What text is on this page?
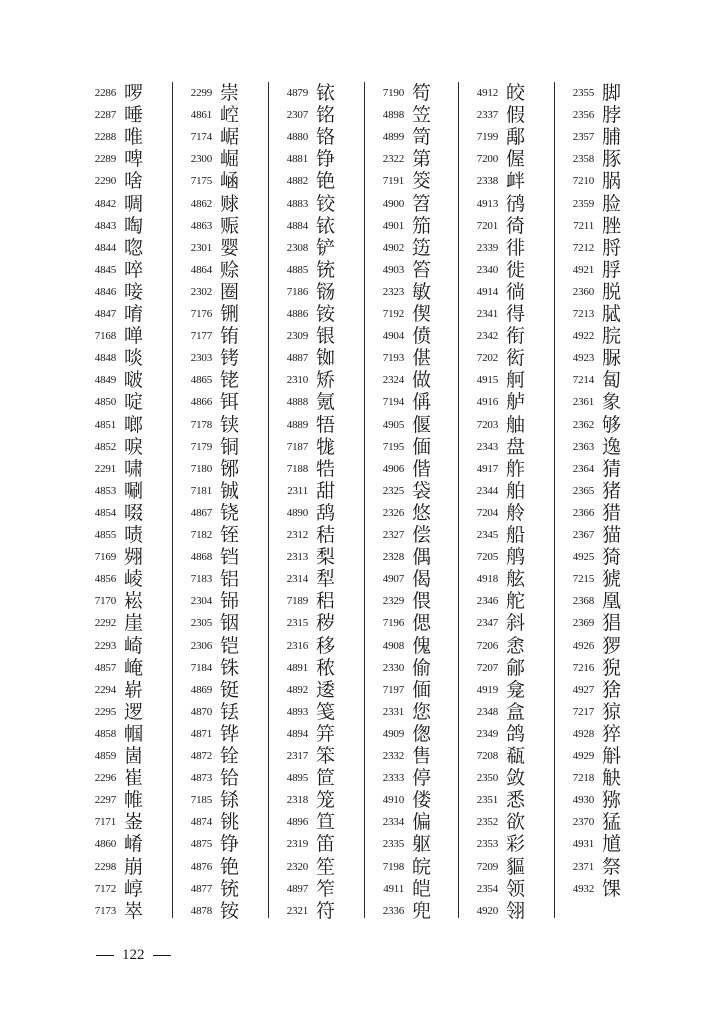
2286 啰
2287 唾
2288 唯
2289 啤
2290 啥
4842 啁
4843 啕
4844 唿
4845 啐
4846 唼
4847 唷
7168 啴
4848 啖
4849 啵
4850 啶
4851 啷
4852 唳
2291 啸
4853 唰
4854 啜
4855 啧
7169 翙
4856 崚
7170 崧
2292 崖
2293 崎
4857 崦
2294 崭
2295 逻
4858 帼
4859 崮
2296 崔
2297 帷
7171 崟
4860 崤
2298 崩
7172 崞
7173 崒
2299 崇
4861 崆
7174 崌
2300 崛
7175 崡
4862 赇
4863 赈
2301 婴
4864 赊
2302 圈
7176 铏
7177 铕
2303 铐
4865 铑
4866 铒
7178 铗
7179 铜
7180 铘
7181 铖
4867 铙
7182 铚
4868 铛
7183 铝
2304 铞
2305 铟
2306 铠
7184 铢
4869 铤
4870 铥
4871 铧
4872 铨
4873 铪
7185 铩
4874 铫
4875 铮
4876 铯
4877 铳
4878 铵
4879 铱
2307 铭
4880 铬
4881 铮
4882 铯
4883 铰
4884 铱
2308 铲
4885 铳
7186 铴
4886 铵
2309 银
4887 铷
2310 矫
4888 氪
4889 牾
7187 牻
7188 牿
2311 甜
4890 鸹
2312 秸
2313 梨
2314 犁
7189 稆
2315 秽
2316 移
4891 秾
4892 逶
4893 笺
4894 笄
2317 笨
4895 笸
2318 笼
4896 笪
2319 笛
2320 笙
4897 笮
2321 符
7190 笱
4898 笠
4899 笥
2322 第
7191 筊
4900 笤
4901 笳
4902 笾
4903 笞
2323 敏
7192 偰
4904 偾
7193 偡
2324 做
7194 偁
4905 偃
7195 偭
4906 偕
2325 袋
2326 悠
2327 偿
2328 偶
4907 偈
2329 偎
7196 偲
4908 傀
2330 偷
7197 偭
2331 您
4909 偬
2332 售
2333 停
4910 偻
2334 偏
2335 躯
7198 皖
4911 皑
2336 兜
4912 皎
2337 假
7199 鄅
7200 偓
2338 衅
4913 鸻
7201 徛
2339 徘
2340 徙
4914 徜
2341 得
2342 衔
7202 衒
4915 舸
4916 舻
7203 舳
2343 盘
4917 舴
2344 舶
7204 舲
2345 船
7205 鸼
4918 舷
2346 舵
2347 斜
7206 悆
7207 鄃
4919 龛
2348 盒
2349 鸽
7208 瓻
2350 敛
2351 悉
2352 欲
2353 彩
7209 貙
2354 领
4920 翎
2355 脚
2356 脖
2357 脯
2358 豚
7210 脶
2359 脸
7211 脞
7212 脟
4921 脬
2360 脱
7213 脦
4922 脘
4923 脲
7214 匐
2361 象
2362 够
2363 逸
2364 猜
2365 猪
2366 猎
2367 猫
4925 猗
7215 猇
2368 凰
2369 猖
4926 猡
7216 猊
4927 猞
7217 猄
4928 猝
4929 斛
7218 觖
4930 猕
2370 猛
4931 馗
2371 祭
4932 馃
122
